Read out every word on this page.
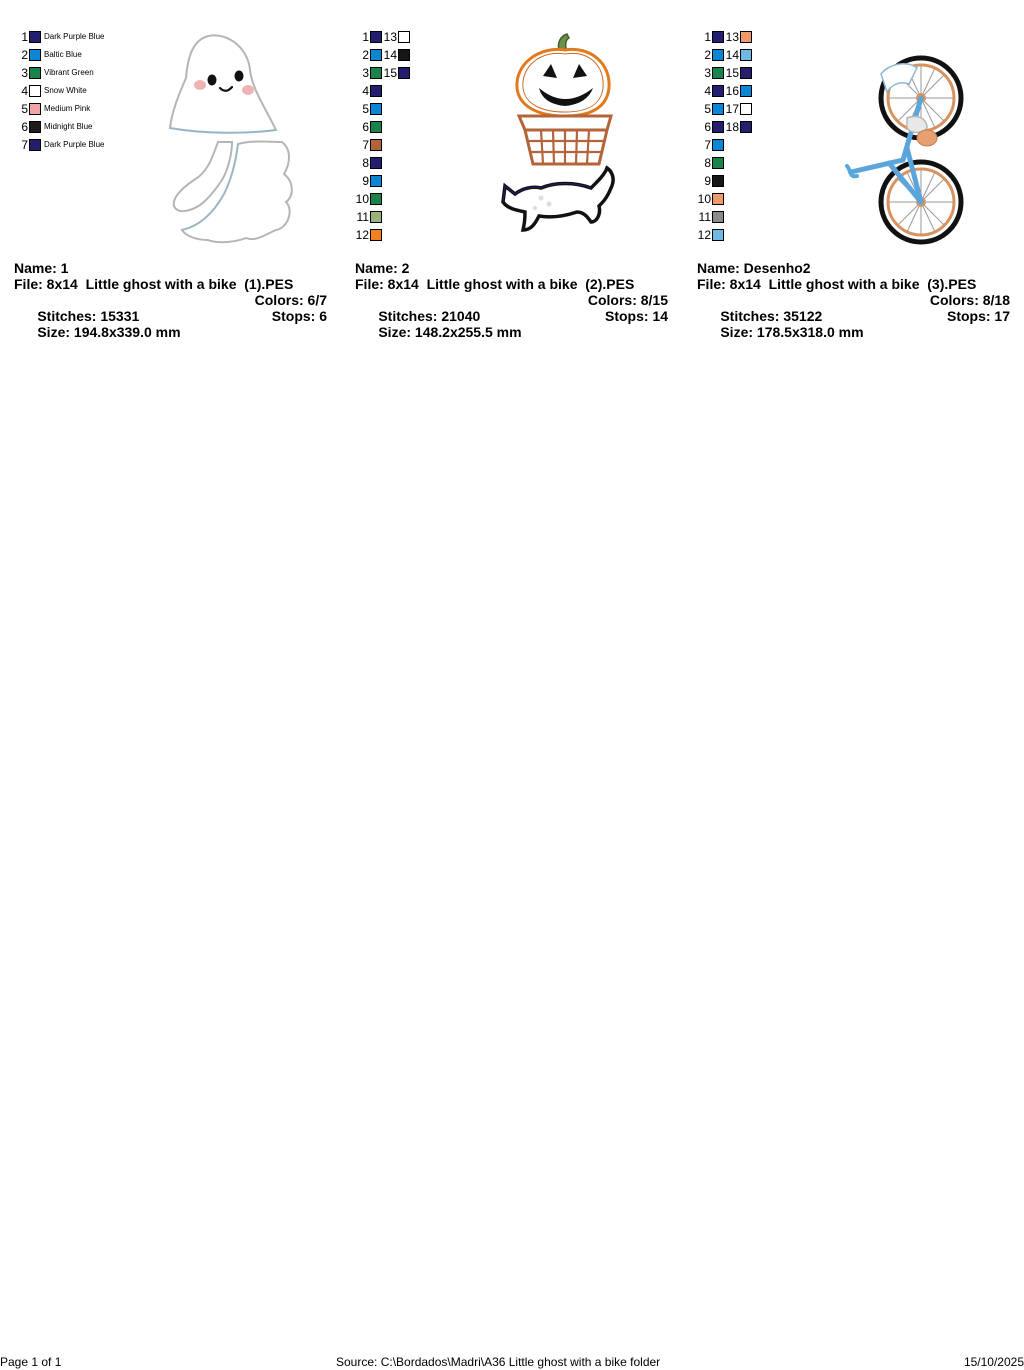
1 Dark Purple Blue
2 Baltic Blue
3 Vibrant Green
4 Snow White
5 Medium Pink
6 Midnight Blue
7 Dark Purple Blue
Name: 1
File: 8x14  Little ghost with a bike  (1).PES

Stitches: 15331

Colors: 6/7

Size: 194.8x339.0 mm

Stops: 6

1
2
3
4
5
6
7
8
9
10
11
12
13
14
15
Name: 2
File: 8x14  Little ghost with a bike  (2).PES

Stitches: 21040

Colors: 8/15

Size: 148.2x255.5 mm

Stops: 14

1
2
3
4
5
6
7
8
9
10
11
12
13
14
15
16
17
18
Name: Desenho2
File: 8x14  Little ghost with a bike  (3).PES

Stitches: 35122

Colors: 8/18

Size: 178.5x318.0 mm

Stops: 17

Page 1 of 1	Source: C:\Bordados\Madri\A36 Little ghost with a bike folder	15/10/2025
